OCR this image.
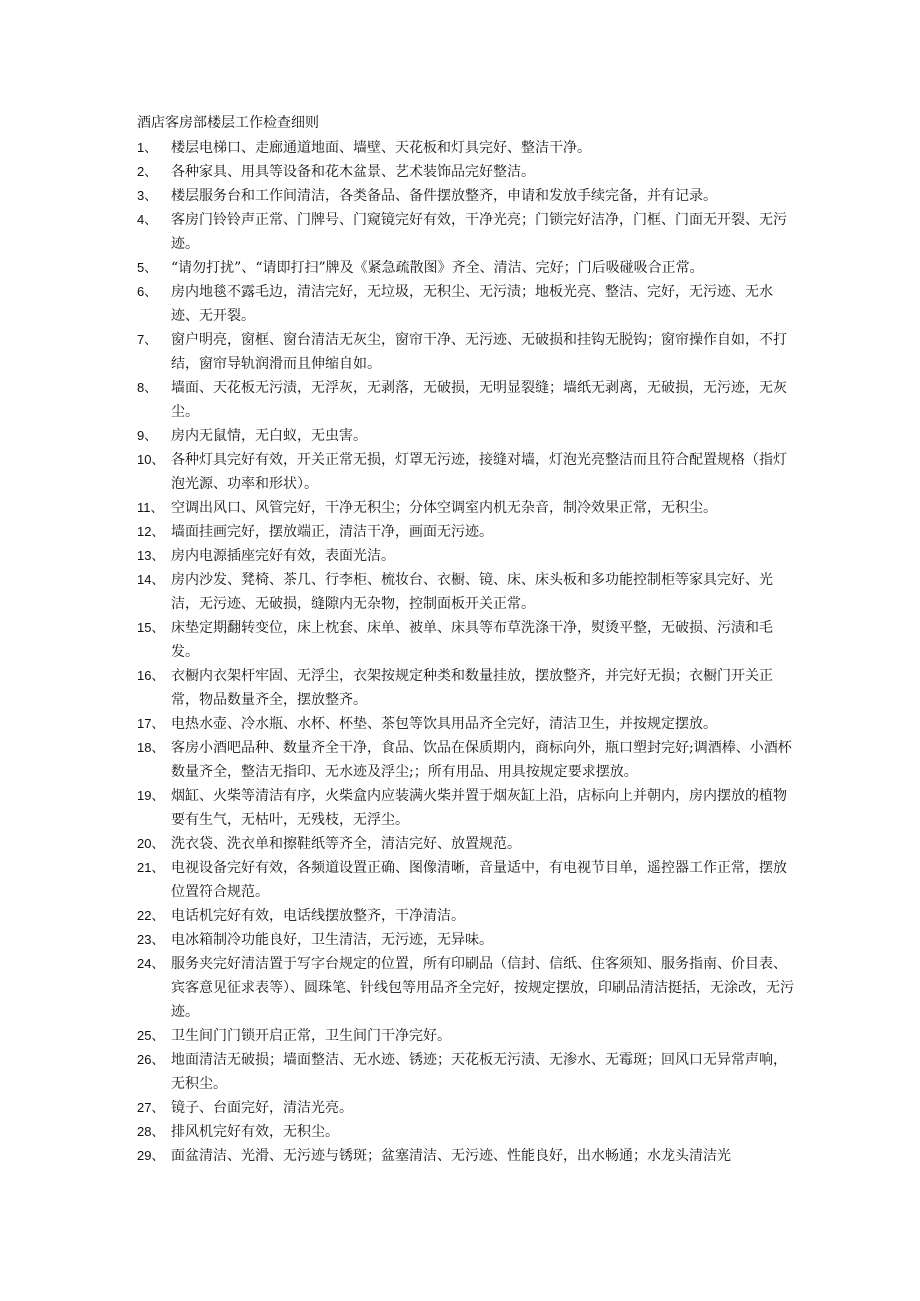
酒店客房部楼层工作检查细则
1、 楼层电梯口、走廊通道地面、墙壁、天花板和灯具完好、整洁干净。
2、 各种家具、用具等设备和花木盆景、艺术装饰品完好整洁。
3、 楼层服务台和工作间清洁，各类备品、备件摆放整齐，申请和发放手续完备，并有记录。
4、 客房门铃铃声正常、门牌号、门窥镜完好有效，干净光亮；门锁完好洁净，门框、门面无开裂、无污迹。
5、 “请勿打扰”、“请即打扫”牌及《紧急疏散图》齐全、清洁、完好；门后吸碰吸合正常。
6、 房内地毯不露毛边，清洁完好，无垃圾，无积尘、无污渍；地板光亮、整洁、完好，无污迹、无水迹、无开裂。
7、 窗户明亮，窗框、窗台清洁无灰尘，窗帘干净、无污迹、无破损和挂钩无脱钩；窗帘操作自如，不打结，窗帘导轨润滑而且伸缩自如。
8、 墙面、天花板无污渍，无浮灰，无剥落，无破损，无明显裂缝；墙纸无剥离，无破损，无污迹，无灰尘。
9、 房内无鼠情，无白蚁，无虫害。
10、 各种灯具完好有效，开关正常无损，灯罩无污迹，接缝对墙，灯泡光亮整洁而且符合配置规格（指灯泡光源、功率和形状）。
11、 空调出风口、风管完好，干净无积尘；分体空调室内机无杂音，制冷效果正常，无积尘。
12、 墙面挂画完好，摆放端正，清洁干净，画面无污迹。
13、 房内电源插座完好有效，表面光洁。
14、 房内沙发、凳椅、茶几、行李柜、梳妆台、衣橱、镜、床、床头板和多功能控制柜等家具完好、光洁，无污迹、无破损，缝隙内无杂物，控制面板开关正常。
15、 床垫定期翻转变位，床上枕套、床单、被单、床具等布草洗涤干净，熨烫平整，无破损、污渍和毛发。
16、 衣橱内衣架杆牢固、无浮尘，衣架按规定种类和数量挂放，摆放整齐，并完好无损；衣橱门开关正常，物品数量齐全，摆放整齐。
17、 电热水壶、冷水瓶、水杯、杯垫、茶包等饮具用品齐全完好，清洁卫生，并按规定摆放。
18、 客房小酒吧品种、数量齐全干净，食品、饮品在保质期内，商标向外，瓶口塑封完好;调酒棒、小酒杯数量齐全，整洁无指印、无水迹及浮尘;；所有用品、用具按规定要求摆放。
19、 烟缸、火柴等清洁有序，火柴盒内应装满火柴并置于烟灰缸上沿，店标向上并朝内，房内摆放的植物要有生气，无枯叶，无残枝，无浮尘。
20、 洗衣袋、洗衣单和擦鞋纸等齐全，清洁完好、放置规范。
21、 电视设备完好有效，各频道设置正确、图像清晰，音量适中，有电视节目单，遥控器工作正常，摆放位置符合规范。
22、 电话机完好有效，电话线摆放整齐，干净清洁。
23、 电冰箱制冷功能良好，卫生清洁，无污迹，无异味。
24、 服务夹完好清洁置于写字台规定的位置，所有印刷品（信封、信纸、住客须知、服务指南、价目表、宾客意见征求表等）、圆珠笔、针线包等用品齐全完好，按规定摆放，印刷品清洁挺括，无涂改，无污迹。
25、 卫生间门门锁开启正常，卫生间门干净完好。
26、 地面清洁无破损；墙面整洁、无水迹、锈迹；天花板无污渍、无渗水、无霉斑；回风口无异常声响，无积尘。
27、 镜子、台面完好，清洁光亮。
28、 排风机完好有效，无积尘。
29、 面盆清洁、光滑、无污迹与锈斑；盆塞清洁、无污迹、性能良好，出水畅通；水龙头清洁光
